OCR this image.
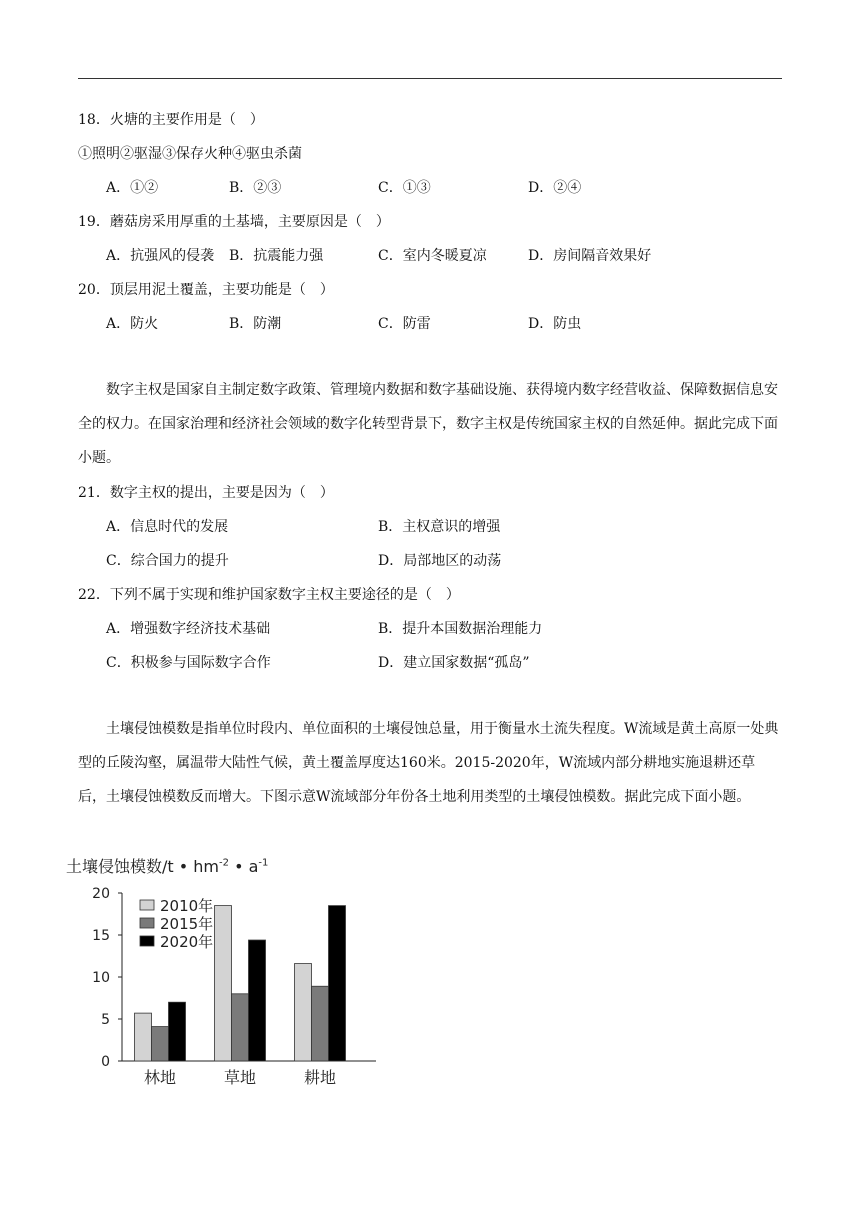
18．火塘的主要作用是（　）
①照明②驱湿③保存火种④驱虫杀菌
A．①②	B．②③	C．①③	D．②④
19．蘑菇房采用厚重的土基墙，主要原因是（　）
A．抗强风的侵袭 B．抗震能力强	C．室内冬暖夏凉	D．房间隔音效果好
20．顶层用泥土覆盖，主要功能是（　）
A．防火	B．防潮	C．防雷	D．防虫
数字主权是国家自主制定数字政策、管理境内数据和数字基础设施、获得境内数字经营收益、保障数据信息安全的权力。在国家治理和经济社会领域的数字化转型背景下，数字主权是传统国家主权的自然延伸。据此完成下面小题。
21．数字主权的提出，主要是因为（　）
A．信息时代的发展	B．主权意识的增强
C．综合国力的提升	D．局部地区的动荡
22．下列不属于实现和维护国家数字主权主要途径的是（　）
A．增强数字经济技术基础	B．提升本国数据治理能力
C．积极参与国际数字合作	D．建立国家数据“孤岛”
土壤侵蚀模数是指单位时段内、单位面积的土壤侵蚀总量，用于衡量水土流失程度。W流域是黄土高原一处典型的丘陵沟壑，属温带大陆性气候，黄土覆盖厚度达160米。2015-2020年，W流域内部分耕地实施退耕还草后，土壤侵蚀模数反而增大。下图示意W流域部分年份各土地利用类型的土壤侵蚀模数。据此完成下面小题。
土壤侵蚀模数/t • $hm^{-2}$ • $a^{-1}$
0
5
10
15
20
林地	草地	耕地
2010年
2015年
2020年
